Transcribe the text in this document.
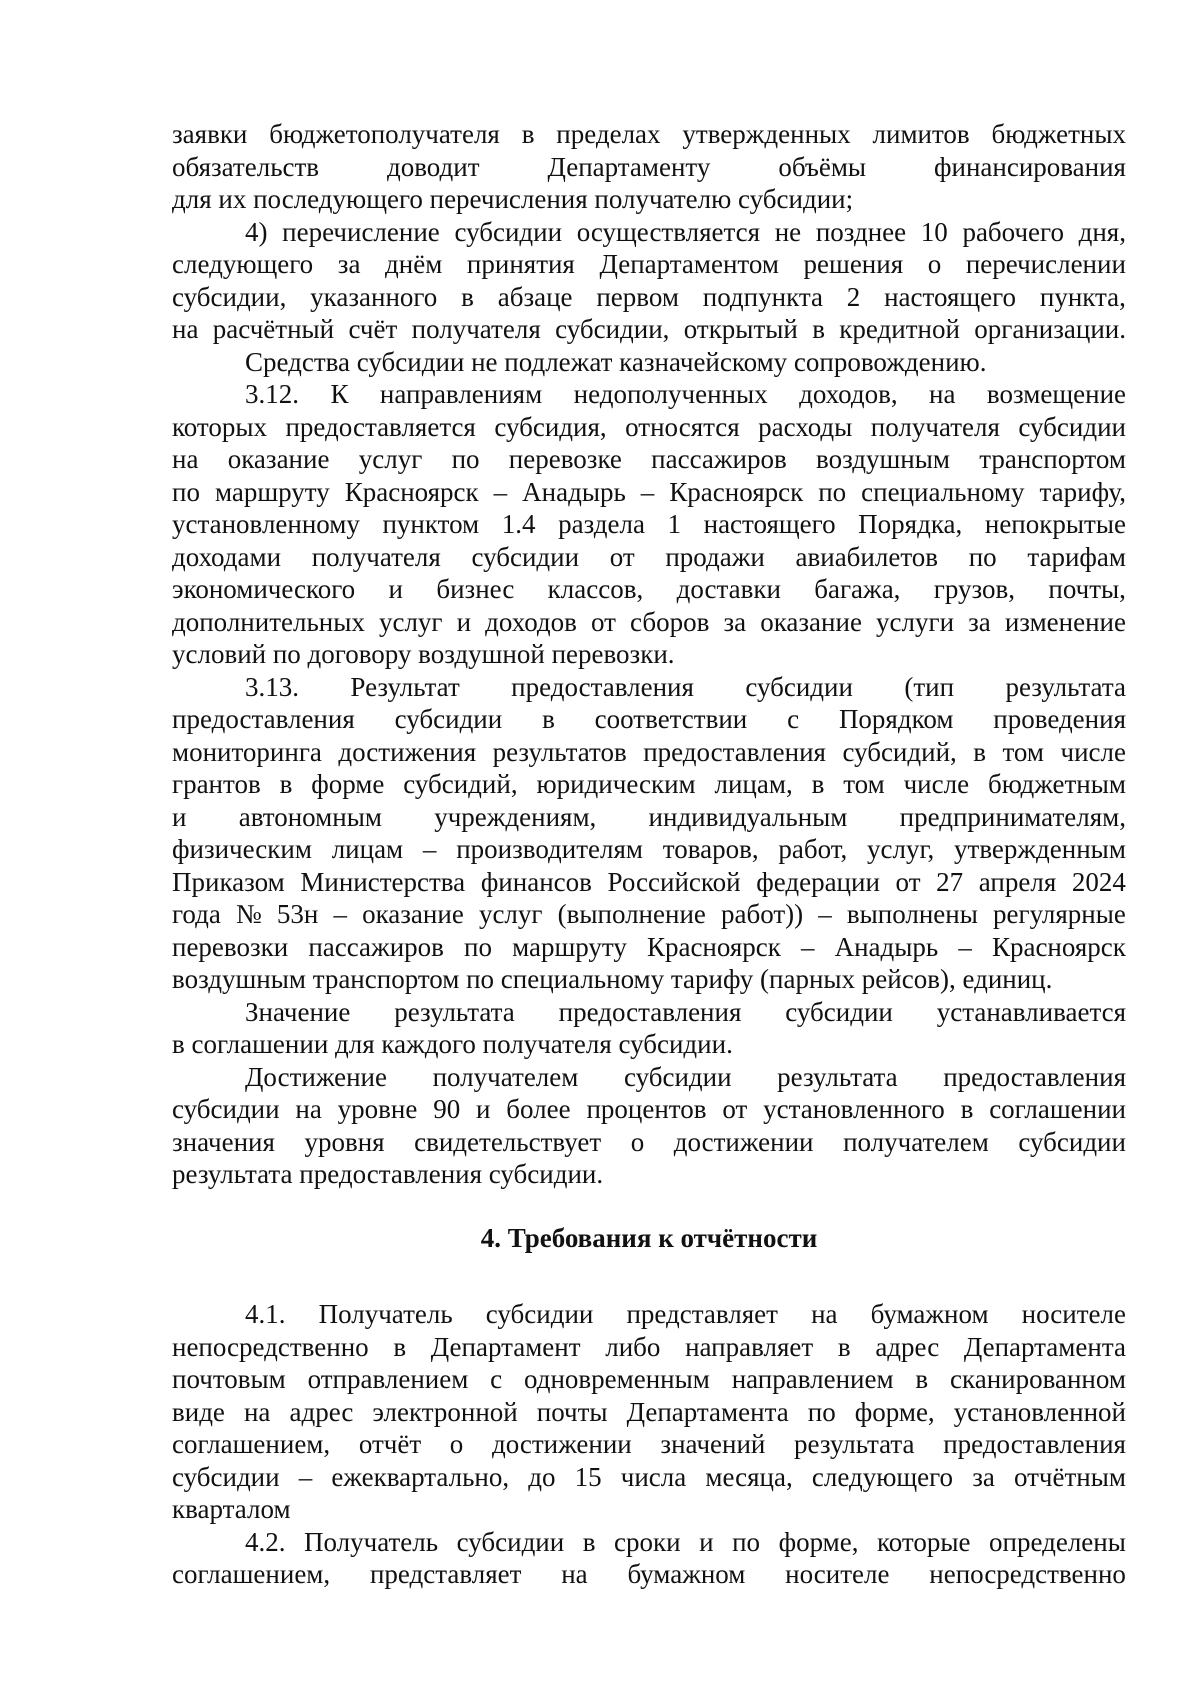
заявки бюджетополучателя в пределах утвержденных лимитов бюджетных
обязательств	доводит	Департаменту	объёмы	финансирования
для их последующего перечисления получателю субсидии;
4) перечисление субсидии осуществляется не позднее 10 рабочего дня,
следующего за днём принятия Департаментом решения о перечислении
субсидии, указанного в абзаце первом подпункта 2 настоящего пункта,
на расчётный счёт получателя субсидии, открытый в кредитной организации.
Средства субсидии не подлежат казначейскому сопровождению.
3.12. К направлениям недополученных доходов, на возмещение
которых предоставляется субсидия, относятся расходы получателя субсидии
на оказание услуг по перевозке пассажиров воздушным транспортом
по маршруту Красноярск – Анадырь – Красноярск по специальному тарифу,
установленному пунктом 1.4 раздела 1 настоящего Порядка, непокрытые
доходами получателя субсидии от продажи авиабилетов по тарифам
экономического и бизнес классов, доставки багажа, грузов, почты,
дополнительных услуг и доходов от сборов за оказание услуги за изменение
условий по договору воздушной перевозки.
3.13. Результат предоставления субсидии (тип результата
предоставления субсидии в соответствии с Порядком проведения
мониторинга достижения результатов предоставления субсидий, в том числе
грантов в форме субсидий, юридическим лицам, в том числе бюджетным
и автономным учреждениям, индивидуальным предпринимателям,
физическим лицам – производителям товаров, работ, услуг, утвержденным
Приказом Министерства финансов Российской федерации от 27 апреля 2024
года № 53н – оказание услуг (выполнение работ)) – выполнены регулярные
перевозки пассажиров по маршруту Красноярск – Анадырь – Красноярск
воздушным транспортом по специальному тарифу (парных рейсов), единиц.
Значение результата предоставления субсидии устанавливается
в соглашении для каждого получателя субсидии.
Достижение получателем субсидии результата предоставления
субсидии на уровне 90 и более процентов от установленного в соглашении
значения уровня свидетельствует о достижении получателем субсидии
результата предоставления субсидии.
4. Требования к отчётности
4.1. Получатель субсидии представляет на бумажном носителе
непосредственно в Департамент либо направляет в адрес Департамента
почтовым отправлением с одновременным направлением в сканированном
виде на адрес электронной почты Департамента по форме, установленной
соглашением, отчёт о достижении значений результата предоставления
субсидии – ежеквартально, до 15 числа месяца, следующего за отчётным
кварталом
4.2. Получатель субсидии в сроки и по форме, которые определены
соглашением, представляет на бумажном носителе непосредственно
